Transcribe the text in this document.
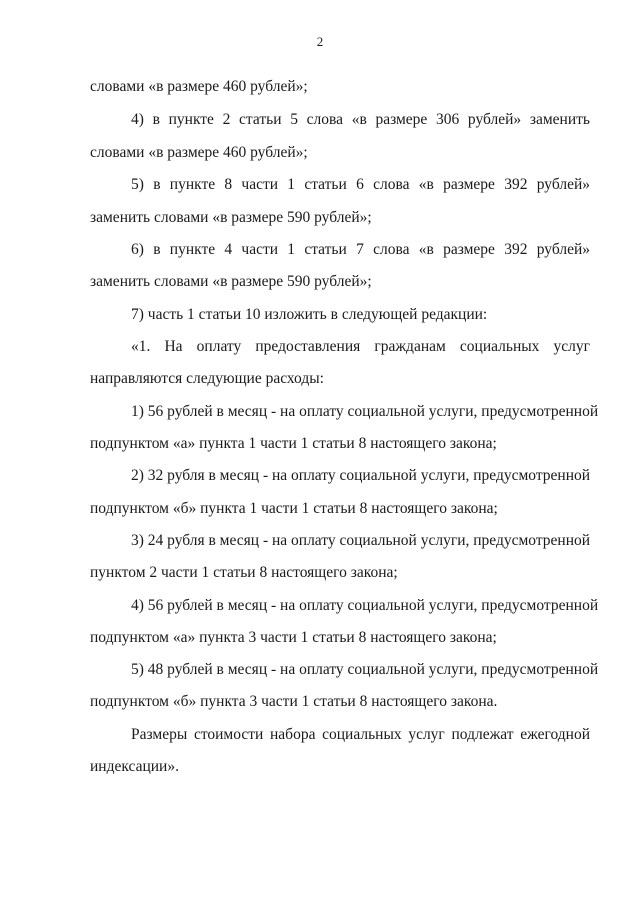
2

словами «в размере 460 рублей»;

4) в пункте 2 статьи 5 слова «в размере 306 рублей» заменить

словами «в размере 460 рублей»;

5) в пункте 8 части 1 статьи 6 слова «в размере 392 рублей»

заменить словами «в размере 590 рублей»;

6) в пункте 4 части 1 статьи 7 слова «в размере 392 рублей»

заменить словами «в размере 590 рублей»;

7) часть 1 статьи 10 изложить в следующей редакции:

«1. На оплату предоставления гражданам социальных услуг

направляются следующие расходы:

1) 56 рублей в месяц - на оплату социальной услуги, предусмотренной

подпунктом «а» пункта 1 части 1 статьи 8 настоящего закона;

2) 32 рубля в месяц - на оплату социальной услуги, предусмотренной

подпунктом «б» пункта 1 части 1 статьи 8 настоящего закона;

3) 24 рубля в месяц - на оплату социальной услуги, предусмотренной

пунктом 2 части 1 статьи 8 настоящего закона;

4) 56 рублей в месяц - на оплату социальной услуги, предусмотренной

подпунктом «а» пункта 3 части 1 статьи 8 настоящего закона;

5) 48 рублей в месяц - на оплату социальной услуги, предусмотренной

подпунктом «б» пункта 3 части 1 статьи 8 настоящего закона.

Размеры стоимости набора социальных услуг подлежат ежегодной

индексации».
